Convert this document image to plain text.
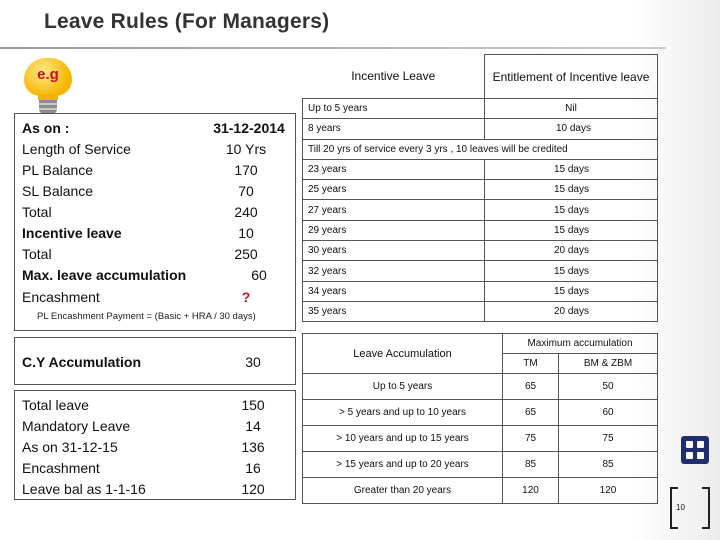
Leave Rules (For Managers)
e.g
As on :	31-12-2014
Length of Service	10 Yrs
PL Balance	170
SL Balance	70
Total	240
Incentive leave	10
Total	250
Max. leave accumulation	60
Encashment	?
PL Encashment Payment = (Basic + HRA / 30 days)
C.Y Accumulation	30
Total leave	150
Mandatory Leave	14
As on 31-12-15	136
Encashment	16
Leave bal as 1-1-16	120
Incentive Leave	Entitlement of Incentive leave
Up to 5 years	Nil
8 years	10 days
Till 20 yrs of service every 3 yrs , 10 leaves will be credited	
23 years	15 days
25 years	15 days
27 years	15 days
29 years	15 days
30 years	20 days
32 years	15 days
34 years	15 days
35 years	20 days
Leave Accumulation	Maximum accumulation	
	TM	BM & ZBM
Up to 5 years	65	50
> 5 years and up to 10 years	65	60
> 10 years and up to 15 years	75	75
> 15 years and up to 20 years	85	85
Greater than 20 years	120	120
10
